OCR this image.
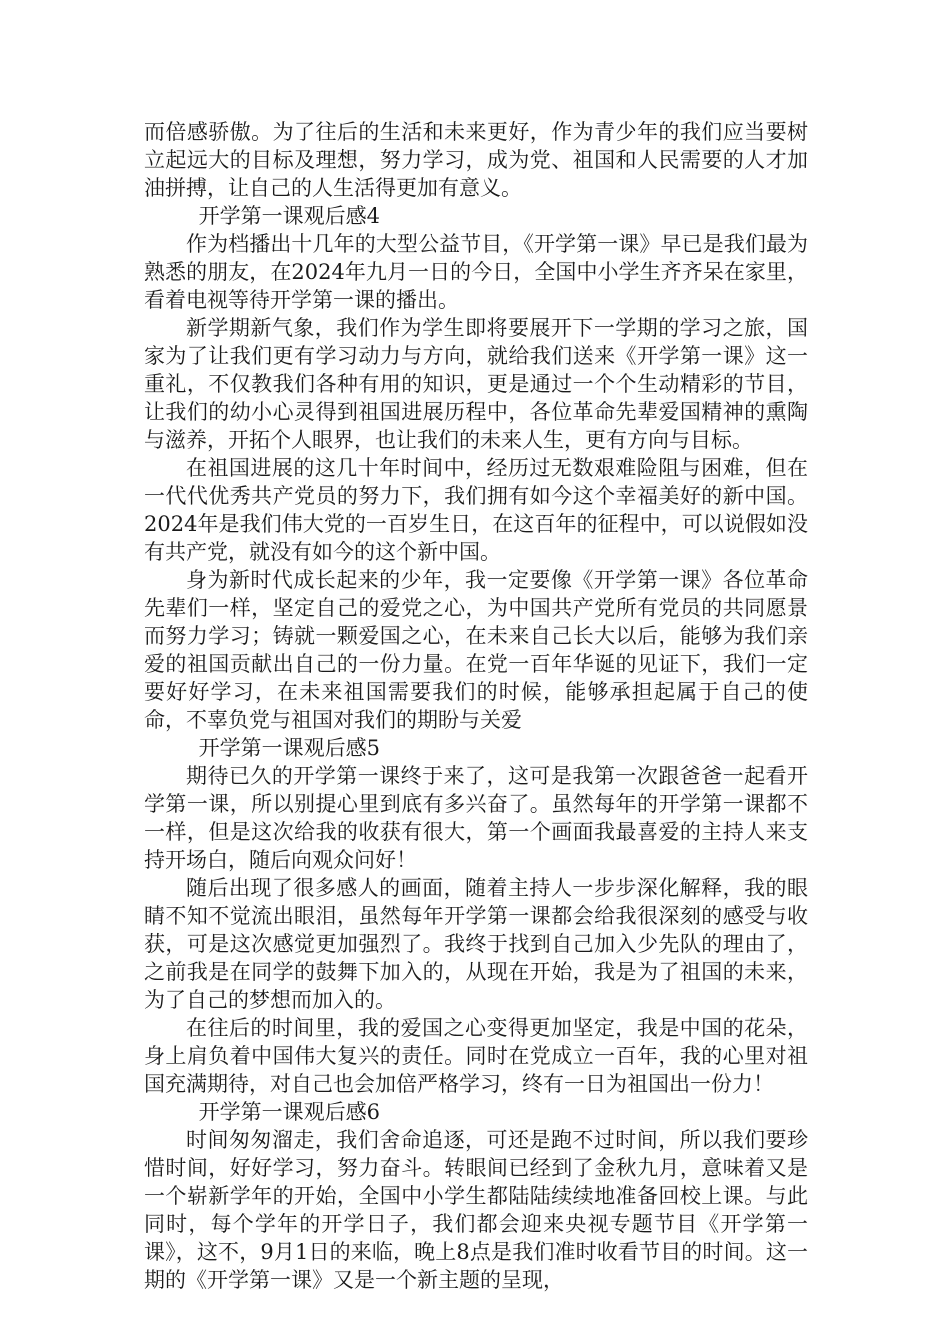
而倍感骄傲。为了往后的生活和未来更好，作为青少年的我们应当要树立起远大的目标及理想，努力学习，成为党、祖国和人民需要的人才加油拼搏，让自己的人生活得更加有意义。

开学第一课观后感4

作为档播出十几年的大型公益节目，《开学第一课》早已是我们最为熟悉的朋友，在2024年九月一日的今日，全国中小学生齐齐呆在家里，看着电视等待开学第一课的播出。

新学期新气象，我们作为学生即将要展开下一学期的学习之旅，国家为了让我们更有学习动力与方向，就给我们送来《开学第一课》这一重礼，不仅教我们各种有用的知识，更是通过一个个生动精彩的节目，让我们的幼小心灵得到祖国进展历程中，各位革命先辈爱国精神的熏陶与滋养，开拓个人眼界，也让我们的未来人生，更有方向与目标。

在祖国进展的这几十年时间中，经历过无数艰难险阻与困难，但在一代代优秀共产党员的努力下，我们拥有如今这个幸福美好的新中国。2024年是我们伟大党的一百岁生日，在这百年的征程中，可以说假如没有共产党，就没有如今的这个新中国。

身为新时代成长起来的少年，我一定要像《开学第一课》各位革命先辈们一样，坚定自己的爱党之心，为中国共产党所有党员的共同愿景而努力学习；铸就一颗爱国之心，在未来自己长大以后，能够为我们亲爱的祖国贡献出自己的一份力量。在党一百年华诞的见证下，我们一定要好好学习，在未来祖国需要我们的时候，能够承担起属于自己的使命，不辜负党与祖国对我们的期盼与关爱

开学第一课观后感5

期待已久的开学第一课终于来了，这可是我第一次跟爸爸一起看开学第一课，所以别提心里到底有多兴奋了。虽然每年的开学第一课都不一样，但是这次给我的收获有很大，第一个画面我最喜爱的主持人来支持开场白，随后向观众问好！

随后出现了很多感人的画面，随着主持人一步步深化解释，我的眼睛不知不觉流出眼泪，虽然每年开学第一课都会给我很深刻的感受与收获，可是这次感觉更加强烈了。我终于找到自己加入少先队的理由了，之前我是在同学的鼓舞下加入的，从现在开始，我是为了祖国的未来，为了自己的梦想而加入的。

在往后的时间里，我的爱国之心变得更加坚定，我是中国的花朵，身上肩负着中国伟大复兴的责任。同时在党成立一百年，我的心里对祖国充满期待，对自己也会加倍严格学习，终有一日为祖国出一份力！

开学第一课观后感6

时间匆匆溜走，我们舍命追逐，可还是跑不过时间，所以我们要珍惜时间，好好学习，努力奋斗。转眼间已经到了金秋九月，意味着又是一个崭新学年的开始，全国中小学生都陆陆续续地准备回校上课。与此同时，每个学年的开学日子，我们都会迎来央视专题节目《开学第一课》，这不，9月1日的来临，晚上8点是我们准时收看节目的时间。这一期的《开学第一课》又是一个新主题的呈现，
